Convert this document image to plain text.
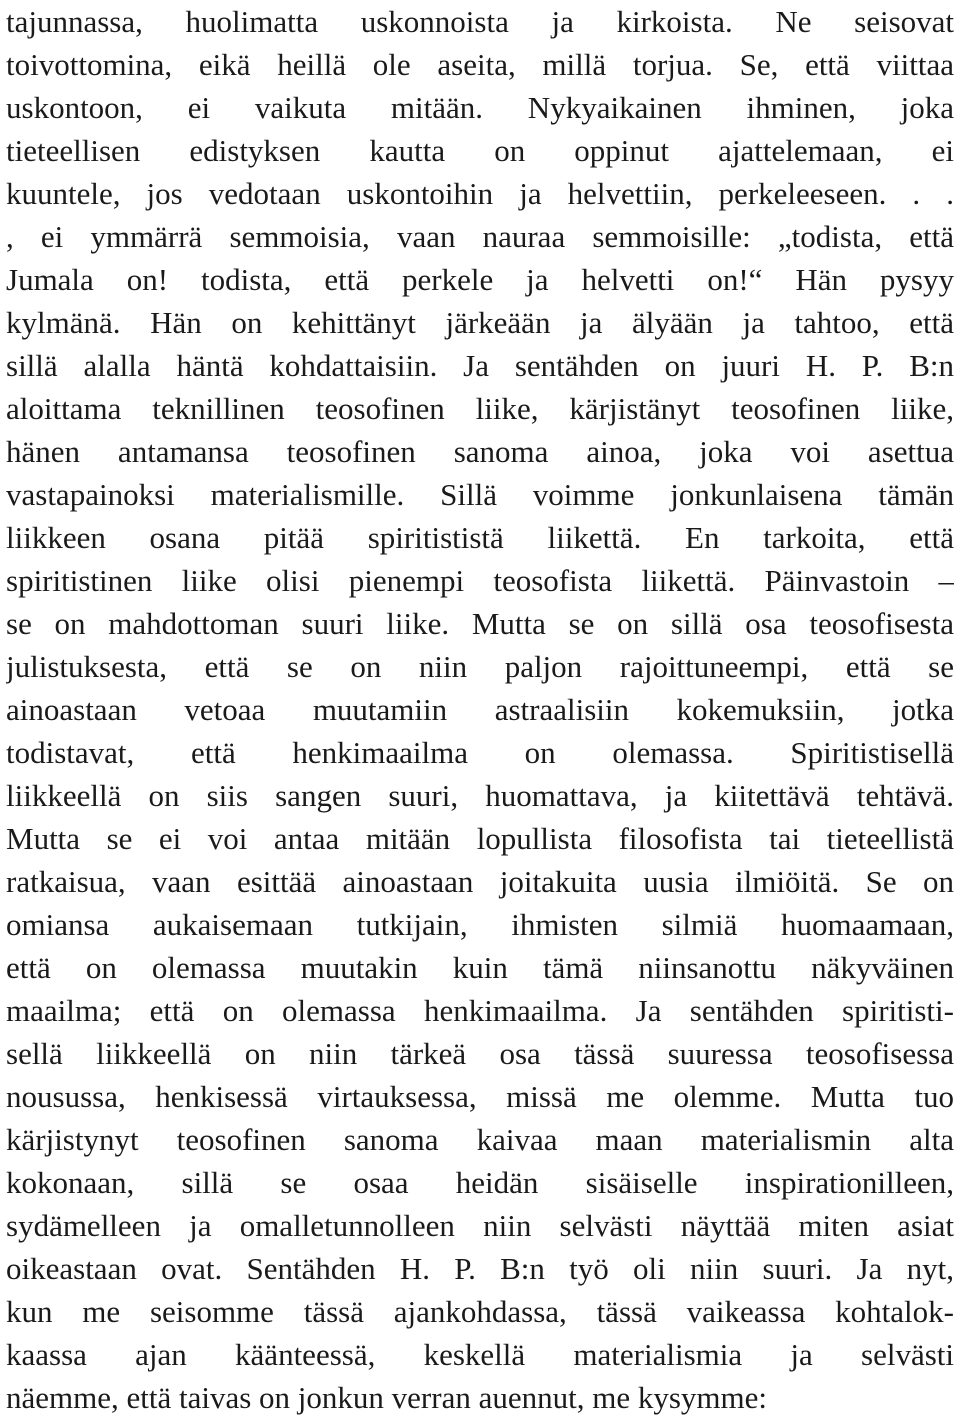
tajunnassa, huolimatta uskonnoista ja kirkoista. Ne seisovat
toivottomina, eikä heillä ole aseita, millä torjua. Se, että viittaa
uskontoon, ei vaikuta mitään. Nykyaikainen ihminen, joka
tieteellisen edistyksen kautta on oppinut ajattelemaan, ei
kuuntele, jos vedotaan uskontoihin ja helvettiin, perkeleeseen. . .
, ei ymmärrä semmoisia, vaan nauraa semmoisille: „todista, että
Jumala on! todista, että perkele ja helvetti on!“ Hän pysyy
kylmänä. Hän on kehittänyt järkeään ja älyään ja tahtoo, että
sillä alalla häntä kohdattaisiin. Ja sentähden on juuri H. P. B:n
aloittama teknillinen teosofinen liike, kärjistänyt teosofinen liike,
hänen antamansa teosofinen sanoma ainoa, joka voi asettua
vastapainoksi materialismille. Sillä voimme jonkunlaisena tämän
liikkeen osana pitää spiritististä liikettä. En tarkoita, että
spiritistinen liike olisi pienempi teosofista liikettä. Päinvastoin –
se on mahdottoman suuri liike. Mutta se on sillä osa teosofisesta
julistuksesta, että se on niin paljon rajoittuneempi, että se
ainoastaan vetoaa muutamiin astraalisiin kokemuksiin, jotka
todistavat, että henkimaailma on olemassa. Spiritistisellä
liikkeellä on siis sangen suuri, huomattava, ja kiitettävä tehtävä.
Mutta se ei voi antaa mitään lopullista filosofista tai tieteellistä
ratkaisua, vaan esittää ainoastaan joitakuita uusia ilmiöitä. Se on
omiansa aukaisemaan tutkijain, ihmisten silmiä huomaamaan,
että on olemassa muutakin kuin tämä niinsanottu näkyväinen
maailma; että on olemassa henkimaailma. Ja sentähden spiritisti-
sellä liikkeellä on niin tärkeä osa tässä suuressa teosofisessa
nousussa, henkisessä virtauksessa, missä me olemme. Mutta tuo
kärjistynyt teosofinen sanoma kaivaa maan materialismin alta
kokonaan, sillä se osaa heidän sisäiselle inspirationilleen,
sydämelleen ja omalletunnolleen niin selvästi näyttää miten asiat
oikeastaan ovat. Sentähden H. P. B:n työ oli niin suuri. Ja nyt,
kun me seisomme tässä ajankohdassa, tässä vaikeassa kohtalok-
kaassa ajan käänteessä, keskellä materialismia ja selvästi
näemme, että taivas on jonkun verran auennut, me kysymme:
